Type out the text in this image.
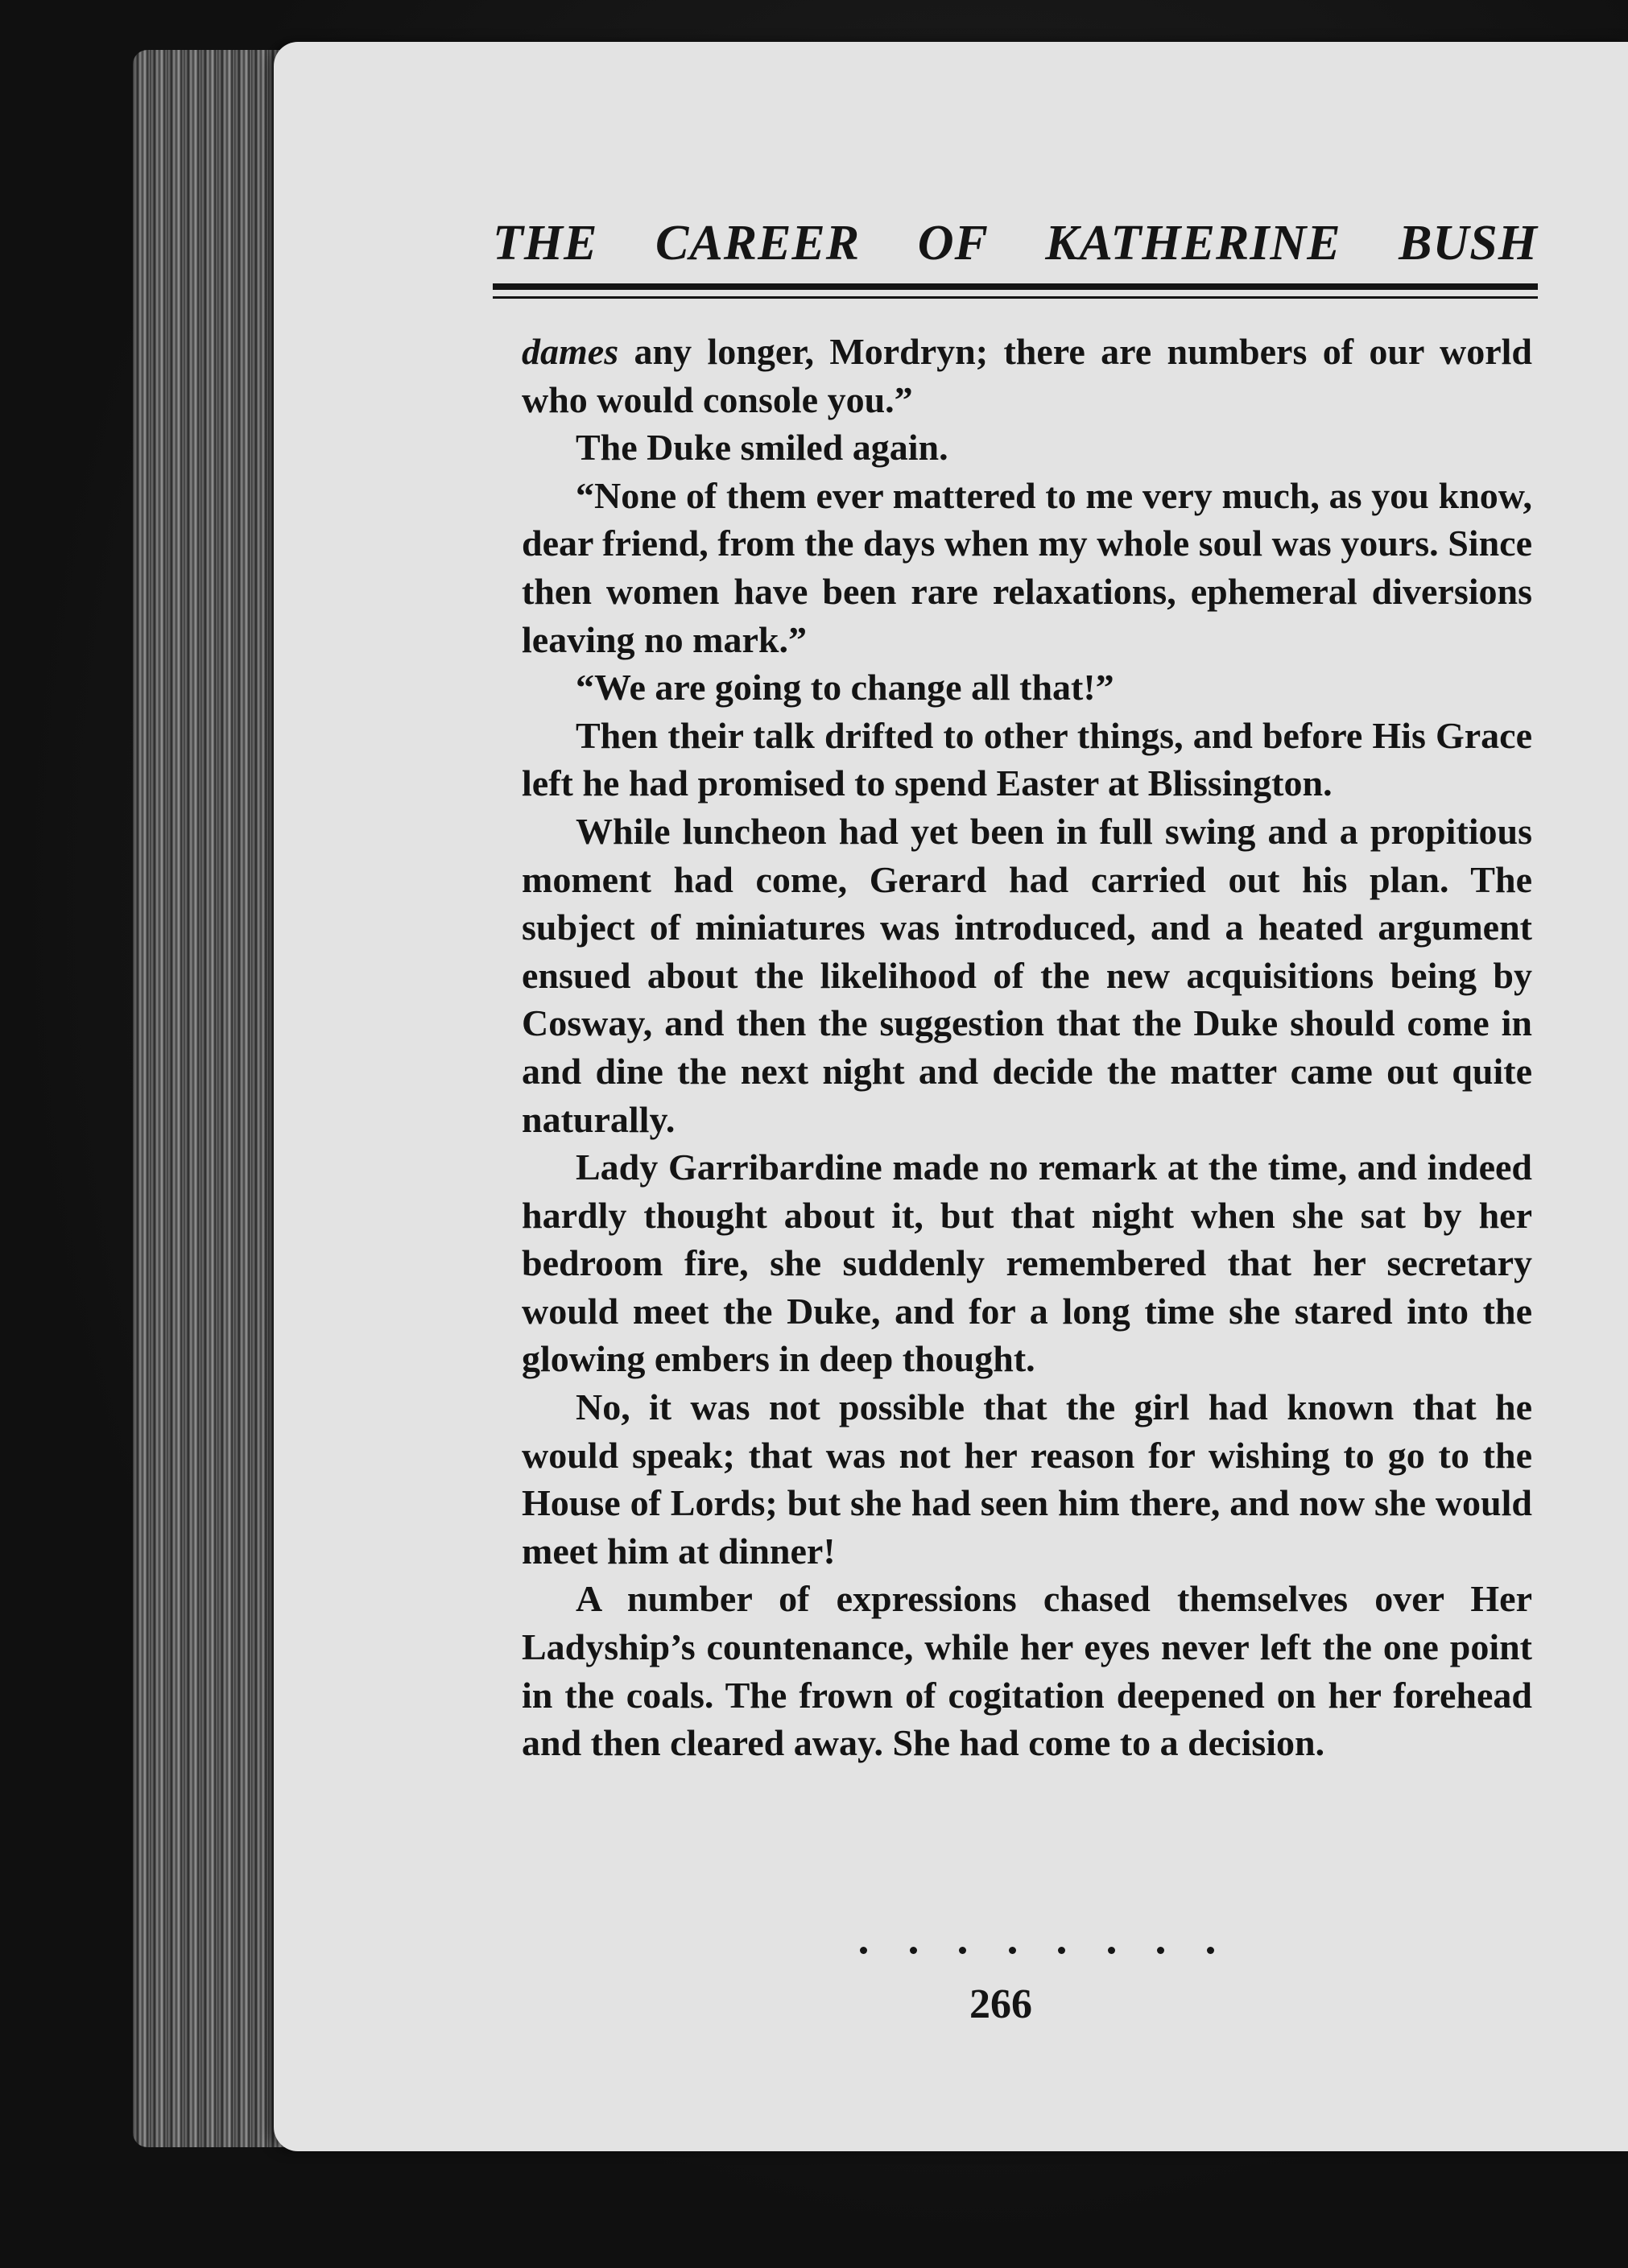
THE CAREER OF KATHERINE BUSH

dames any longer, Mordryn; there are numbers of our world who would console you.”

The Duke smiled again.

“None of them ever mattered to me very much, as you know, dear friend, from the days when my whole soul was yours. Since then women have been rare relaxations, ephemeral diversions leaving no mark.”

“We are going to change all that!”

Then their talk drifted to other things, and before His Grace left he had promised to spend Easter at Blissington.

While luncheon had yet been in full swing and a propitious moment had come, Gerard had carried out his plan. The subject of miniatures was introduced, and a heated argument ensued about the likelihood of the new acquisitions being by Cosway, and then the suggestion that the Duke should come in and dine the next night and decide the matter came out quite naturally.

Lady Garribardine made no remark at the time, and indeed hardly thought about it, but that night when she sat by her bedroom fire, she suddenly remembered that her secretary would meet the Duke, and for a long time she stared into the glowing embers in deep thought.

No, it was not possible that the girl had known that he would speak; that was not her reason for wishing to go to the House of Lords; but she had seen him there, and now she would meet him at dinner!

A number of expressions chased themselves over Her Ladyship’s countenance, while her eyes never left the one point in the coals. The frown of cogitation deepened on her forehead and then cleared away. She had come to a decision.

266
